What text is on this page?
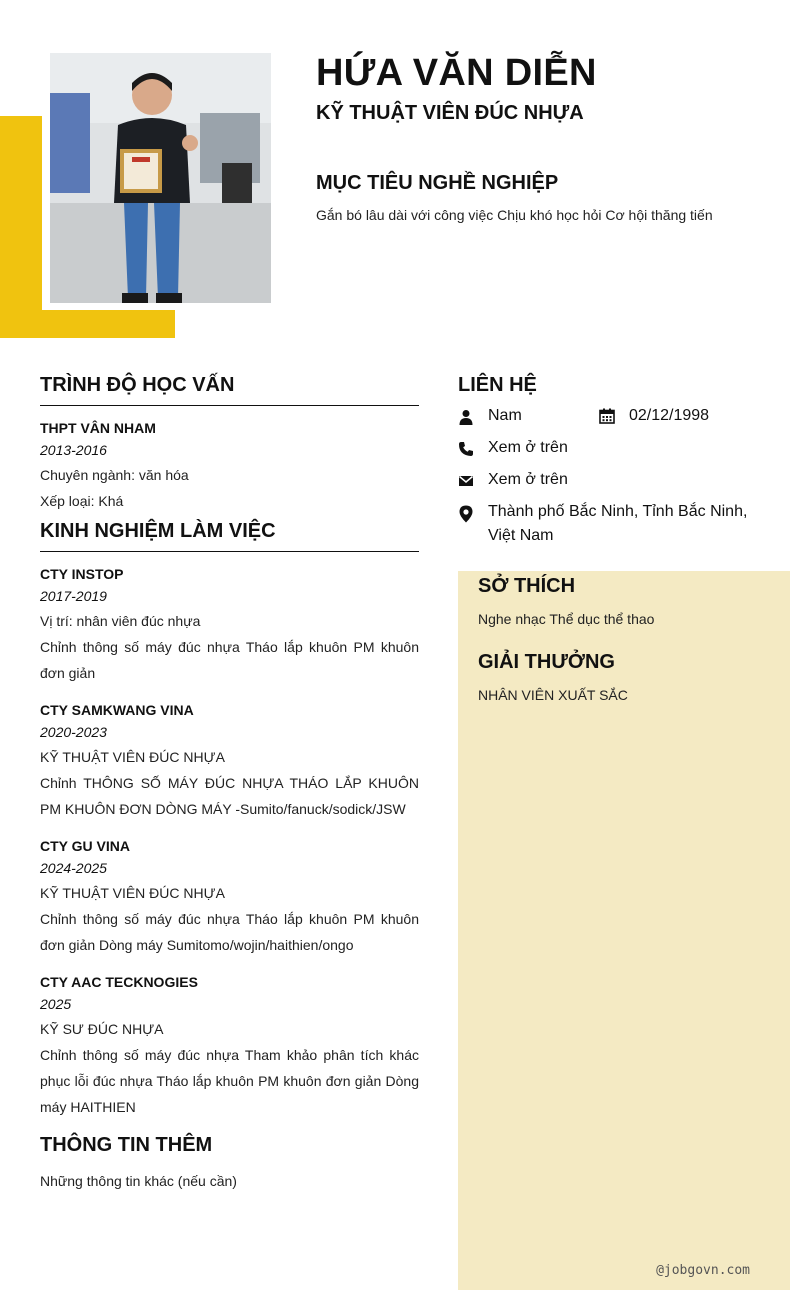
HỨA VĂN DIỄN
KỸ THUẬT VIÊN ĐÚC NHỰA
MỤC TIÊU NGHỀ NGHIỆP
Gắn bó lâu dài với công việc Chịu khó học hỏi Cơ hội thăng tiến
TRÌNH ĐỘ HỌC VẤN
THPT VÂN NHAM
2013-2016
Chuyên ngành: văn hóa
Xếp loại: Khá
KINH NGHIỆM LÀM VIỆC
CTY INSTOP
2017-2019
Vị trí: nhân viên đúc nhựa
Chỉnh thông số máy đúc nhựa Tháo lắp khuôn PM khuôn đơn giản
CTY SAMKWANG VINA
2020-2023
KỸ THUẬT VIÊN ĐÚC NHỰA
Chỉnh THÔNG SỐ MÁY ĐÚC NHỰA THÁO LẮP KHUÔN PM KHUÔN ĐƠN DÒNG MÁY -Sumito/fanuck/sodick/JSW
CTY GU VINA
2024-2025
KỸ THUẬT VIÊN ĐÚC NHỰA
Chỉnh thông số máy đúc nhựa Tháo lắp khuôn PM khuôn đơn giản Dòng máy Sumitomo/wojin/haithien/ongo
CTY AAC TECKNOGIES
2025
KỸ SƯ ĐÚC NHỰA
Chỉnh thông số máy đúc nhựa Tham khảo phân tích khác phục lỗi đúc nhựa Tháo lắp khuôn PM khuôn đơn giản Dòng máy HAITHIEN
THÔNG TIN THÊM
Những thông tin khác (nếu cần)
LIÊN HỆ
Nam	02/12/1998
Xem ở trên
Xem ở trên
Thành phố Bắc Ninh, Tỉnh Bắc Ninh,
Việt Nam
SỞ THÍCH
Nghe nhạc Thể dục thể thao
GIẢI THƯỞNG
NHÂN VIÊN XUẤT SẮC
@jobgovn.com
